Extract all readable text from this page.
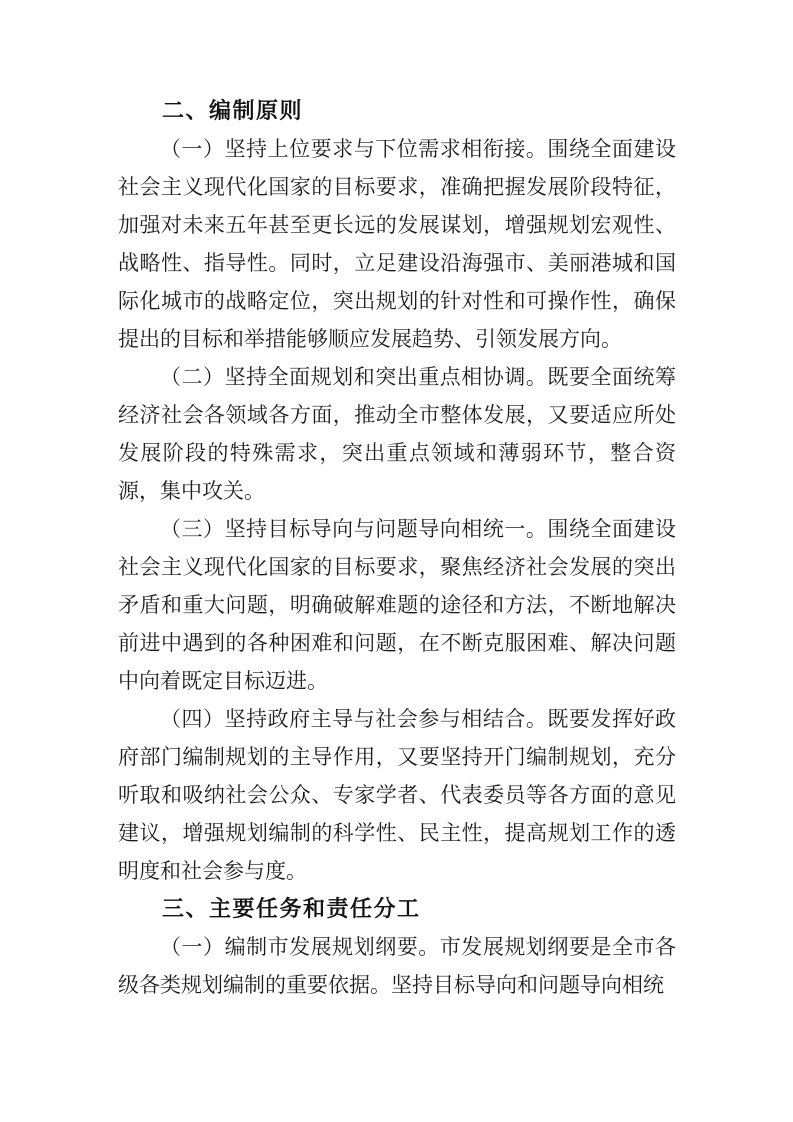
二、编制原则

（一）坚持上位要求与下位需求相衔接。围绕全面建设社会主义现代化国家的目标要求，准确把握发展阶段特征，加强对未来五年甚至更长远的发展谋划，增强规划宏观性、战略性、指导性。同时，立足建设沿海强市、美丽港城和国际化城市的战略定位，突出规划的针对性和可操作性，确保提出的目标和举措能够顺应发展趋势、引领发展方向。

（二）坚持全面规划和突出重点相协调。既要全面统筹经济社会各领域各方面，推动全市整体发展，又要适应所处发展阶段的特殊需求，突出重点领域和薄弱环节，整合资源，集中攻关。

（三）坚持目标导向与问题导向相统一。围绕全面建设社会主义现代化国家的目标要求，聚焦经济社会发展的突出矛盾和重大问题，明确破解难题的途径和方法，不断地解决前进中遇到的各种困难和问题，在不断克服困难、解决问题中向着既定目标迈进。

（四）坚持政府主导与社会参与相结合。既要发挥好政府部门编制规划的主导作用，又要坚持开门编制规划，充分听取和吸纳社会公众、专家学者、代表委员等各方面的意见建议，增强规划编制的科学性、民主性，提高规划工作的透明度和社会参与度。

三、主要任务和责任分工

（一）编制市发展规划纲要。市发展规划纲要是全市各级各类规划编制的重要依据。坚持目标导向和问题导向相统
